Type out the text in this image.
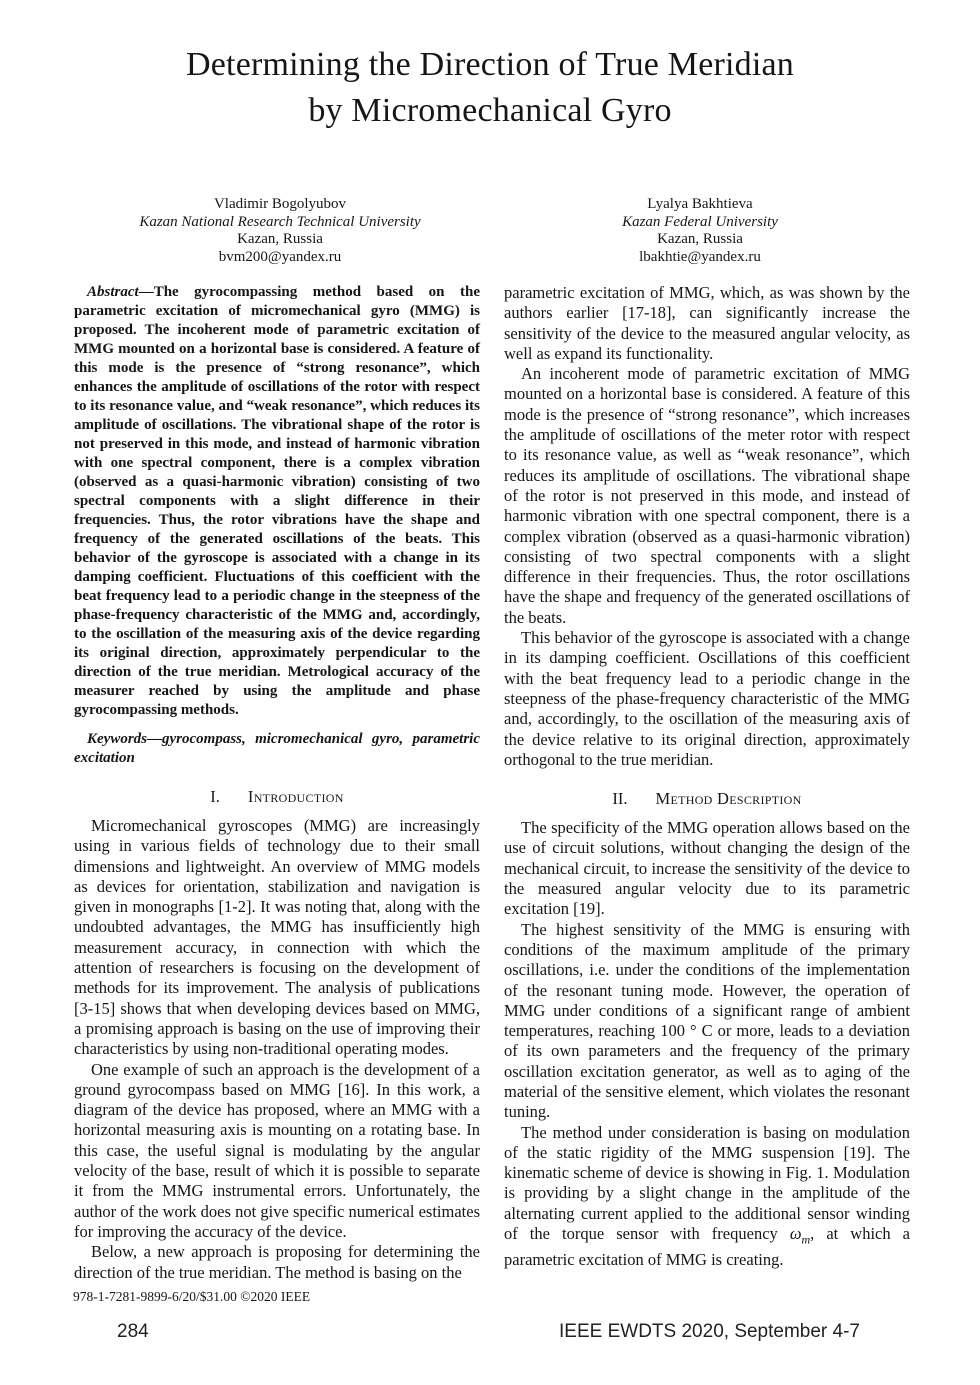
Determining the Direction of True Meridian
by Micromechanical Gyro
Vladimir Bogolyubov
Kazan National Research Technical University
Kazan, Russia
bvm200@yandex.ru
Lyalya Bakhtieva
Kazan Federal University
Kazan, Russia
lbakhtie@yandex.ru

Abstract—The gyrocompassing method based on the parametric excitation of micromechanical gyro (MMG) is proposed. The incoherent mode of parametric excitation of MMG mounted on a horizontal base is considered. A feature of this mode is the presence of “strong resonance”, which enhances the amplitude of oscillations of the rotor with respect to its resonance value, and “weak resonance”, which reduces its amplitude of oscillations. The vibrational shape of the rotor is not preserved in this mode, and instead of harmonic vibration with one spectral component, there is a complex vibration (observed as a quasi-harmonic vibration) consisting of two spectral components with a slight difference in their frequencies. Thus, the rotor vibrations have the shape and frequency of the generated oscillations of the beats. This behavior of the gyroscope is associated with a change in its damping coefficient. Fluctuations of this coefficient with the beat frequency lead to a periodic change in the steepness of the phase-frequency characteristic of the MMG and, accordingly, to the oscillation of the measuring axis of the device regarding its original direction, approximately perpendicular to the direction of the true meridian. Metrological accuracy of the measurer reached by using the amplitude and phase gyrocompassing methods.

Keywords—gyrocompass, micromechanical gyro, parametric excitation

I. Introduction

Micromechanical gyroscopes (MMG) are increasingly using in various fields of technology due to their small dimensions and lightweight. An overview of MMG models as devices for orientation, stabilization and navigation is given in monographs [1-2]. It was noting that, along with the undoubted advantages, the MMG has insufficiently high measurement accuracy, in connection with which the attention of researchers is focusing on the development of methods for its improvement. The analysis of publications [3-15] shows that when developing devices based on MMG, a promising approach is basing on the use of improving their characteristics by using non-traditional operating modes.

One example of such an approach is the development of a ground gyrocompass based on MMG [16]. In this work, a diagram of the device has proposed, where an MMG with a horizontal measuring axis is mounting on a rotating base. In this case, the useful signal is modulating by the angular velocity of the base, result of which it is possible to separate it from the MMG instrumental errors. Unfortunately, the author of the work does not give specific numerical estimates for improving the accuracy of the device.

Below, a new approach is proposing for determining the direction of the true meridian. The method is basing on the

parametric excitation of MMG, which, as was shown by the authors earlier [17-18], can significantly increase the sensitivity of the device to the measured angular velocity, as well as expand its functionality.

An incoherent mode of parametric excitation of MMG mounted on a horizontal base is considered. A feature of this mode is the presence of “strong resonance”, which increases the amplitude of oscillations of the meter rotor with respect to its resonance value, as well as “weak resonance”, which reduces its amplitude of oscillations. The vibrational shape of the rotor is not preserved in this mode, and instead of harmonic vibration with one spectral component, there is a complex vibration (observed as a quasi-harmonic vibration) consisting of two spectral components with a slight difference in their frequencies. Thus, the rotor oscillations have the shape and frequency of the generated oscillations of the beats.

This behavior of the gyroscope is associated with a change in its damping coefficient. Oscillations of this coefficient with the beat frequency lead to a periodic change in the steepness of the phase-frequency characteristic of the MMG and, accordingly, to the oscillation of the measuring axis of the device relative to its original direction, approximately orthogonal to the true meridian.

II. Method Description

The specificity of the MMG operation allows based on the use of circuit solutions, without changing the design of the mechanical circuit, to increase the sensitivity of the device to the measured angular velocity due to its parametric excitation [19].

The highest sensitivity of the MMG is ensuring with conditions of the maximum amplitude of the primary oscillations, i.e. under the conditions of the implementation of the resonant tuning mode. However, the operation of MMG under conditions of a significant range of ambient temperatures, reaching 100 ° C or more, leads to a deviation of its own parameters and the frequency of the primary oscillation excitation generator, as well as to aging of the material of the sensitive element, which violates the resonant tuning.

The method under consideration is basing on modulation of the static rigidity of the MMG suspension [19]. The kinematic scheme of device is showing in Fig. 1. Modulation is providing by a slight change in the amplitude of the alternating current applied to the additional sensor winding of the torque sensor with frequency $\omega_m$, at which a parametric excitation of MMG is creating.

978-1-7281-9899-6/20/$31.00 ©2020 IEEE
284	IEEE EWDTS 2020, September 4-7
